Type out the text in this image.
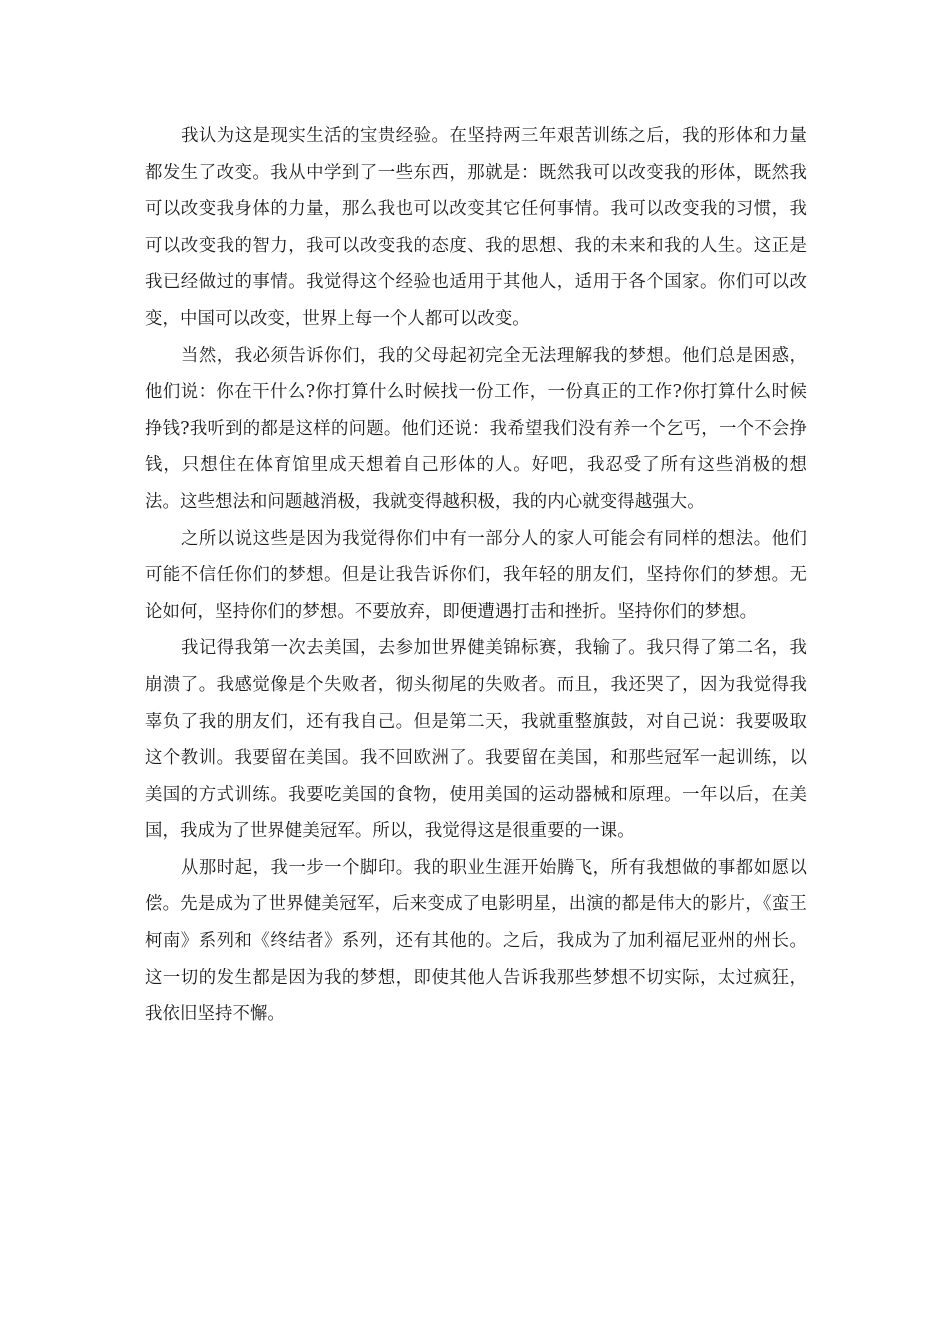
我认为这是现实生活的宝贵经验。在坚持两三年艰苦训练之后，我的形体和力量都发生了改变。我从中学到了一些东西，那就是：既然我可以改变我的形体，既然我可以改变我身体的力量，那么我也可以改变其它任何事情。我可以改变我的习惯，我可以改变我的智力，我可以改变我的态度、我的思想、我的未来和我的人生。这正是我已经做过的事情。我觉得这个经验也适用于其他人，适用于各个国家。你们可以改变，中国可以改变，世界上每一个人都可以改变。

当然，我必须告诉你们，我的父母起初完全无法理解我的梦想。他们总是困惑，他们说：你在干什么?你打算什么时候找一份工作，一份真正的工作?你打算什么时候挣钱?我听到的都是这样的问题。他们还说：我希望我们没有养一个乞丐，一个不会挣钱，只想住在体育馆里成天想着自己形体的人。好吧，我忍受了所有这些消极的想法。这些想法和问题越消极，我就变得越积极，我的内心就变得越强大。

之所以说这些是因为我觉得你们中有一部分人的家人可能会有同样的想法。他们可能不信任你们的梦想。但是让我告诉你们，我年轻的朋友们，坚持你们的梦想。无论如何，坚持你们的梦想。不要放弃，即便遭遇打击和挫折。坚持你们的梦想。

我记得我第一次去美国，去参加世界健美锦标赛，我输了。我只得了第二名，我崩溃了。我感觉像是个失败者，彻头彻尾的失败者。而且，我还哭了，因为我觉得我辜负了我的朋友们，还有我自己。但是第二天，我就重整旗鼓，对自己说：我要吸取这个教训。我要留在美国。我不回欧洲了。我要留在美国，和那些冠军一起训练，以美国的方式训练。我要吃美国的食物，使用美国的运动器械和原理。一年以后，在美国，我成为了世界健美冠军。所以，我觉得这是很重要的一课。

从那时起，我一步一个脚印。我的职业生涯开始腾飞，所有我想做的事都如愿以偿。先是成为了世界健美冠军，后来变成了电影明星，出演的都是伟大的影片，《蛮王柯南》系列和《终结者》系列，还有其他的。之后，我成为了加利福尼亚州的州长。这一切的发生都是因为我的梦想，即使其他人告诉我那些梦想不切实际，太过疯狂，我依旧坚持不懈。
